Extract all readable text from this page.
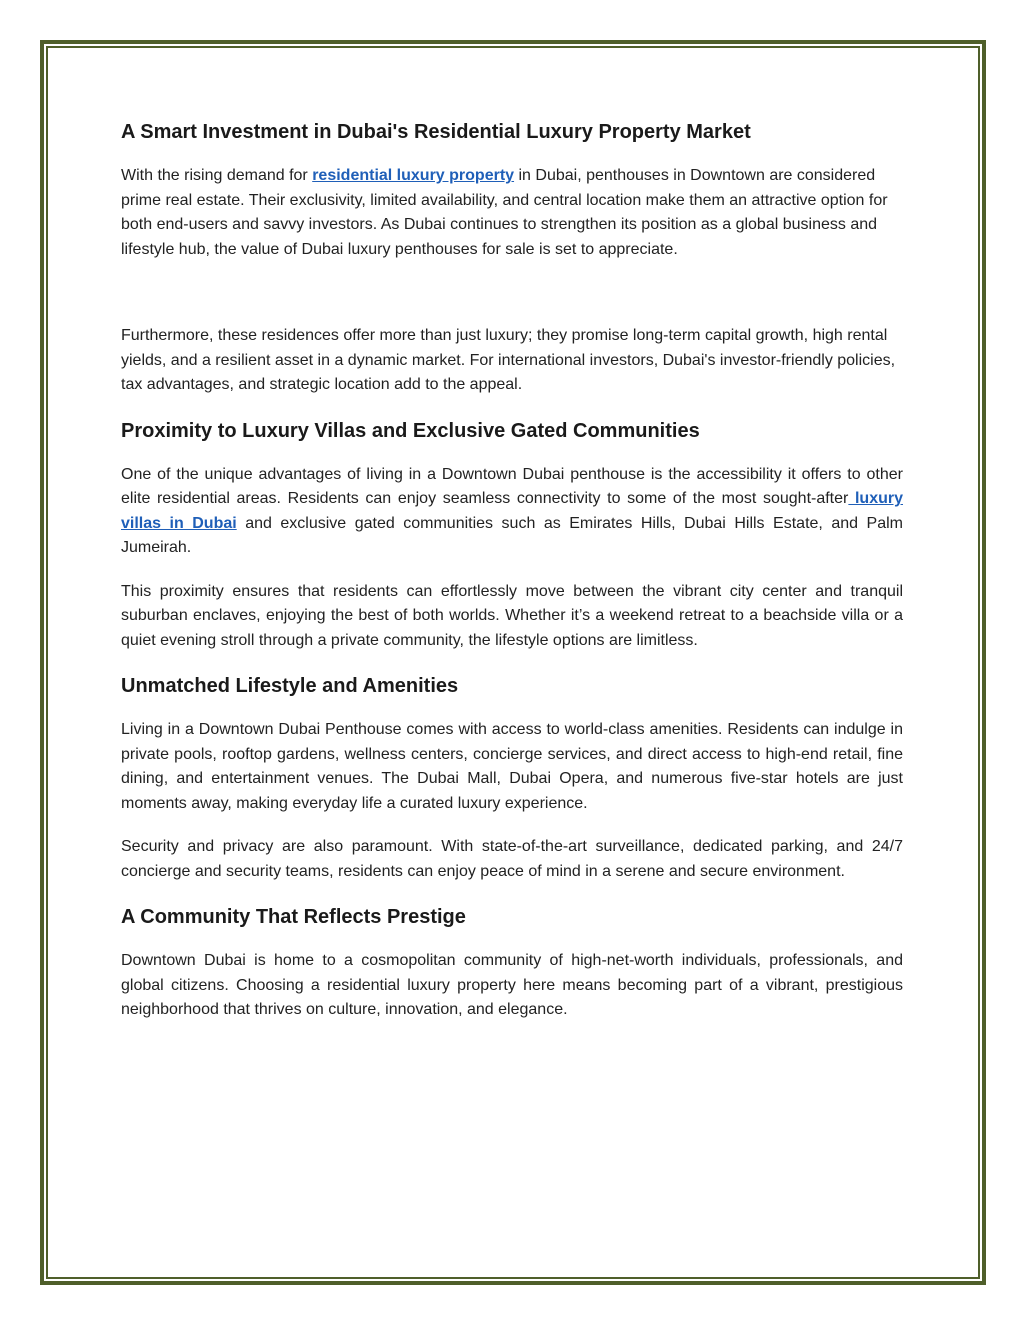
A Smart Investment in Dubai's Residential Luxury Property Market

With the rising demand for residential luxury property in Dubai, penthouses in Downtown are considered prime real estate. Their exclusivity, limited availability, and central location make them an attractive option for both end-users and savvy investors. As Dubai continues to strengthen its position as a global business and lifestyle hub, the value of Dubai luxury penthouses for sale is set to appreciate.

Furthermore, these residences offer more than just luxury; they promise long-term capital growth, high rental yields, and a resilient asset in a dynamic market. For international investors, Dubai's investor-friendly policies, tax advantages, and strategic location add to the appeal.

Proximity to Luxury Villas and Exclusive Gated Communities

One of the unique advantages of living in a Downtown Dubai penthouse is the accessibility it offers to other elite residential areas. Residents can enjoy seamless connectivity to some of the most sought-after luxury villas in Dubai and exclusive gated communities such as Emirates Hills, Dubai Hills Estate, and Palm Jumeirah.

This proximity ensures that residents can effortlessly move between the vibrant city center and tranquil suburban enclaves, enjoying the best of both worlds. Whether it’s a weekend retreat to a beachside villa or a quiet evening stroll through a private community, the lifestyle options are limitless.

Unmatched Lifestyle and Amenities

Living in a Downtown Dubai Penthouse comes with access to world-class amenities. Residents can indulge in private pools, rooftop gardens, wellness centers, concierge services, and direct access to high-end retail, fine dining, and entertainment venues. The Dubai Mall, Dubai Opera, and numerous five-star hotels are just moments away, making everyday life a curated luxury experience.

Security and privacy are also paramount. With state-of-the-art surveillance, dedicated parking, and 24/7 concierge and security teams, residents can enjoy peace of mind in a serene and secure environment.

A Community That Reflects Prestige

Downtown Dubai is home to a cosmopolitan community of high-net-worth individuals, professionals, and global citizens. Choosing a residential luxury property here means becoming part of a vibrant, prestigious neighborhood that thrives on culture, innovation, and elegance.
